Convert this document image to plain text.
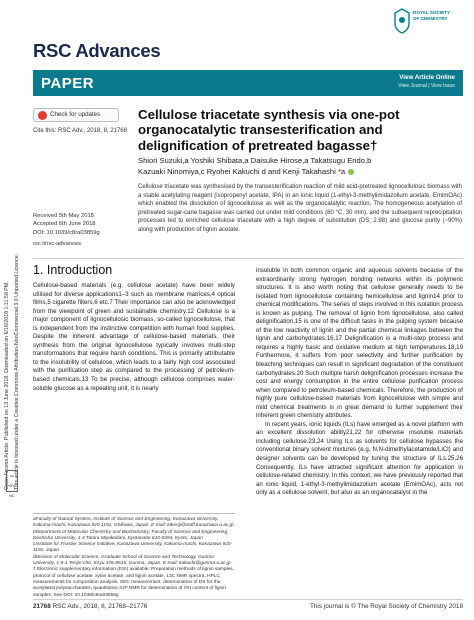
Open Access Article. Published on 13 June 2018. Downloaded on 6/16/2018 1:11:59 PM. This article is licensed under a Creative Commons Attribution-NonCommercial 3.0 Unported Licence.
cc BY NC
RSC Advances
ROYAL SOCIETY
OF CHEMISTRY
PAPER	View Article Online
View Journal | View Issue
Check for updates
Cite this: RSC Adv., 2018, 8, 21768
Received 5th May 2018
Accepted 6th June 2018
DOI: 10.1039/c8ra03859g
rsc.li/rsc-advances
Cellulose triacetate synthesis via one-pot organocatalytic transesterification and delignification of pretreated bagasse†
Shiori Suzuki,a Yoshiki Shibata,a Daisuke Hirose,a Takatsugu Endo,b
Kazuaki Ninomiya,c Ryohei Kakuchi d and Kenji Takahashi *a
Cellulose triacetate was synthesised by the transesterification reaction of mild acid-pretreated lignocellulosic biomass with a stable acetylating reagent (isopropenyl acetate, IPA) in an ionic liquid (1-ethyl-3-methylimidazolium acetate, EmimOAc) which enabled the dissolution of lignocellulose as well as the organocatalytic reaction. The homogeneous acetylation of pretreated sugar-cane bagasse was carried out under mild conditions (80 °C, 30 min), and the subsequent reprecipitation processes led to enriched cellulose triacetate with a high degree of substitution (DS; 2.98) and glucose purity (~90%) along with production of lignin acetate.
1. Introduction

Cellulose-based materials (e.g. cellulose acetate) have been widely utilised for diverse applications1–3 such as membrane matrices,4 optical films,5 cigarette filters,6 etc.7 Their importance can also be acknowledged from the viewpoint of green and sustainable chemistry.12 Cellulose is a major component of lignocellulosic biomass, so-called lignocellulose, that is independent from the instinctive competition with human food supplies. Despite the inherent advantage of cellulose-based materials, their synthesis from the original lignocellulose typically involves multi-step transformations that require harsh conditions. This is primarily attributable to the insolubility of cellulose, which leads to a fairly high cost associated with the purification step as compared to the processing of petroleum-based chemicals.13 To be precise, although cellulose comprises water-soluble glucose as a repeating unit, it is nearly

insoluble in both common organic and aqueous solvents because of the extraordinarily strong hydrogen bonding networks within its polymeric structures. It is also worth noting that cellulose generally needs to be isolated from lignocellulose containing hemicellulose and lignin14 prior to chemical modifications. The series of steps involved in this isolation process is known as pulping. The removal of lignin from lignocellulose, also called delignification,15 is one of the difficult tasks in the pulping system because of the low reactivity of lignin and the partial chemical linkages between the lignin and carbohydrates.16,17 Delignification is a multi-step process and requires a highly basic and oxidative medium at high temperatures.18,19 Furthermore, it suffers from poor selectivity and further purification by bleaching techniques can result in significant degradation of the constituent carbohydrates.20 Such multiple harsh delignification processes increase the cost and energy consumption in the entire cellulose purification process when compared to petroleum-based chemicals. Therefore, the production of highly pure cellulose-based materials from lignocellulose with simple and mild chemical treatments is in great demand to further supplement their inherent green chemistry attributes.

In recent years, ionic liquids (ILs) have emerged as a novel platform with an excellent dissolution ability21,22 for otherwise insoluble materials including cellulose.23,24 Using ILs as solvents for cellulose bypasses the conventional binary solvent mixtures (e.g. N,N-dimethylacetamide/LiCl) and designer solvents can be developed by tuning the structure of ILs.25,26 Consequently, ILs have attracted significant attention for application in cellulose-related chemistry. In this context, we have previously reported that an ionic liquid, 1-ethyl-3-methylimidazolium acetate (EmimOAc), acts not only as a cellulose solvent, but also as an organocatalyst in the

aFaculty of Natural System, Institute of Science and Engineering, Kanazawa University, Kakuma-machi, Kanazawa 920-1192, Ishikawa, Japan. E-mail: ktkenji@staff.kanazawa-u.ac.jp
bDepartment of Molecular Chemistry and Biochemistry, Faculty of Science and Engineering, Doshisha University, 1-3 Tatara Miyakodani, Kyotanabe 610-0394, Kyoto, Japan
cInstitute for Frontier Science Initiative, Kanazawa University, Kakuma-machi, Kanazawa 920-1192, Japan
dDivision of Molecular Science, Graduate School of Science and Technology, Gunma University, 1-5-1 Tenjin-cho, Kiryu 376-8515, Gunma, Japan. E-mail: kakuchi@gunma-u.ac.jp
† Electronic supplementary information (ESI) available: Preparation methods of lignin samples, protocol of cellulose acetate, xylan acetate, and lignin acetate, 13C NMR spectra, HPLC measurements for composition analysis, SEC measurement, determination of DS for the acetylated polysaccharides, quantitative 31P NMR for determination of OH content of lignin samples. See DOI: 10.1039/c8ra03859g
21768 RSC Adv., 2018, 8, 21768–21776	This journal is © The Royal Society of Chemistry 2018
